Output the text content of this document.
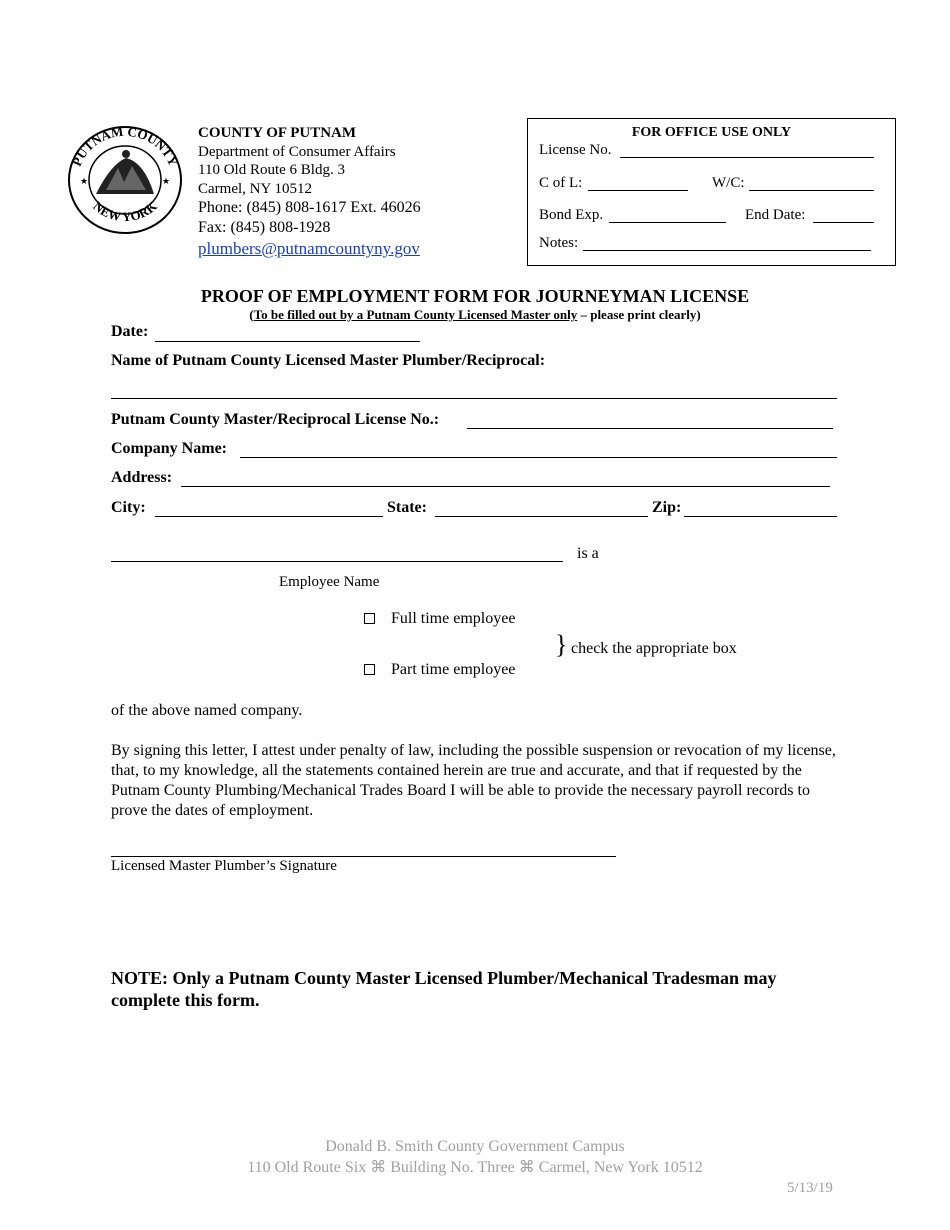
PUTNAM COUNTY
NEW YORK
★	★
COUNTY OF PUTNAM
Department of Consumer Affairs
110 Old Route 6 Bldg. 3
Carmel, NY 10512
Phone: (845) 808-1617 Ext. 46026
Fax: (845) 808-1928
plumbers@putnamcountyny.gov
FOR OFFICE USE ONLY
License No.
C of L:	W/C:
Bond Exp.	End Date:
Notes:
PROOF OF EMPLOYMENT FORM FOR JOURNEYMAN LICENSE
(To be filled out by a Putnam County Licensed Master only – please print clearly)
Date:
Name of Putnam County Licensed Master Plumber/Reciprocal:
Putnam County Master/Reciprocal License No.:
Company Name:
Address:
City:	State:	Zip:
is a
Employee Name
Full time employee
Part time employee
} check the appropriate box
of the above named company.
By signing this letter, I attest under penalty of law, including the possible suspension or revocation of my license, that, to my knowledge, all the statements contained herein are true and accurate, and that if requested by the Putnam County Plumbing/Mechanical Trades Board I will be able to provide the necessary payroll records to prove the dates of employment.
Licensed Master Plumber’s Signature
NOTE: Only a Putnam County Master Licensed Plumber/Mechanical Tradesman may complete this form.
Donald B. Smith County Government Campus
110 Old Route Six ⌘ Building No. Three ⌘ Carmel, New York 10512
5/13/19
